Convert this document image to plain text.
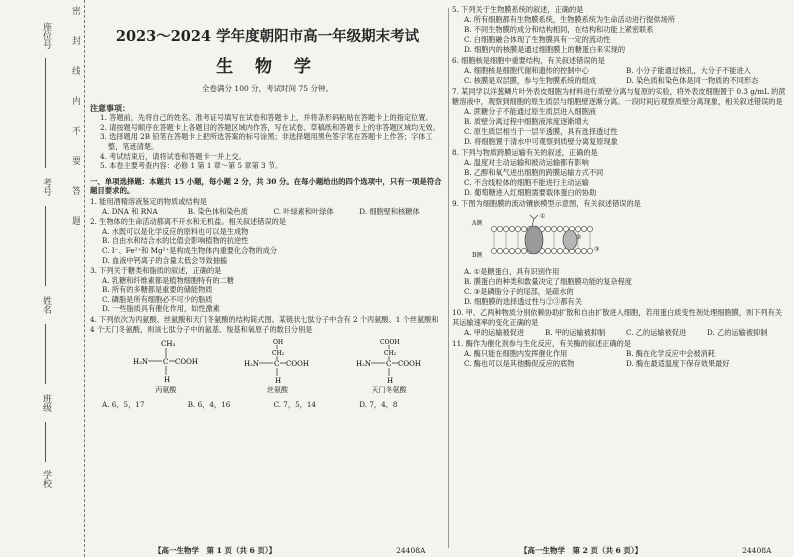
密　　封　　线　　内　　不　　要　　答　　题
座位号
考号
姓名
班级
学校
2023～2024 学年度朝阳市高一年级期末考试
生 物 学
全卷满分 100 分，考试时间 75 分钟。
注意事项：
1. 答题前，先将自己的姓名、准考证号填写在试卷和答题卡上，并将条形码粘贴在答题卡上的指定位置。
2. 请按题号顺序在答题卡上各题目的答题区域内作答，写在试卷、草稿纸和答题卡上的非答题区域均无效。
3. 选择题用 2B 铅笔在答题卡上把所选答案的标号涂黑；非选择题用黑色签字笔在答题卡上作答；字体工整，笔迹清楚。
4. 考试结束后，请将试卷和答题卡一并上交。
5. 本卷主要考查内容：必修 1 第 1 章～第 5 章第 3 节。
一、单项选择题：本题共 15 小题，每小题 2 分，共 30 分。在每小题给出的四个选项中，只有一项是符合题目要求的。
1. 能用酒精溶液鉴定的物质或结构是
A. DNA 和 RNA	B. 染色体和染色质	C. 叶绿素和叶绿体	D. 细胞壁和核糖体
2. 生物体的生命活动都离不开水和无机盐。相关叙述错误的是
A. 水既可以是化学反应的原料也可以是生成物
B. 自由水和结合水的比值会影响植物的抗逆性
C. I⁻、Fe²⁺和 Mg²⁺是构成生物体内重要化合物的成分
D. 血液中钙离子的含量太低会导致抽搐
3. 下列关于糖类和脂质的叙述，正确的是
A. 乳糖和纤维素都是植物细胞特有的二糖
B. 所有的多糖都是重要的储能物质
C. 磷脂是所有细胞必不可少的脂质
D. 一些脂质具有催化作用，如性激素
4. 下列依次为丙氨酸、丝氨酸和天门冬氨酸的结构简式图。某链状七肽分子中含有 2 个丙氨酸、1 个丝氨酸和 4 个天门冬氨酸，则该七肽分子中的氨基、羧基和氧原子的数目分别是
CH₃
H₂N C COOH
H
丙氨酸
OH
CH₂
H₂N C COOH
H
丝氨酸
COOH
CH₂
H₂N C COOH
H
天门冬氨酸
A. 6，5，17	B. 6，4，16	C. 7，5，14	D. 7，4，8
5. 下列关于生物膜系统的叙述，正确的是
A. 所有细胞都有生物膜系统，生物膜系统为生命活动进行提供场所
B. 不同生物膜的成分和结构相同，在结构和功能上紧密联系
C. 白细胞融合体现了生物膜具有一定的流动性
D. 细胞内的核膜是通过细胞膜上的糖蛋白来实现的
6. 细胞核是细胞中重要结构，有关叙述错误的是
A. 细胞核是细胞代谢和遗传的控制中心	B. 小分子能通过核孔，大分子不能进入
C. 核膜是双层膜，参与生物膜系统的组成	D. 染色质和染色体是同一物质的不同形态
7. 某同学以洋葱鳞片叶外表皮细胞为材料进行质壁分离与复原的实验，将外表皮细胞置于 0.3 g/mL 的蔗糖溶液中，观察到细胞的原生质层与细胞壁逐渐分离。一段时间后观察质壁分离现象，相关叙述错误的是
A. 蔗糖分子不能通过原生质层进入细胞液
B. 质壁分离过程中细胞液浓度逐渐增大
C. 原生质层相当于一层半透膜，具有选择透过性
D. 将细胞置于清水中可观察到质壁分离复原现象
8. 下列与物质跨膜运输有关的叙述，正确的是
A. 温度对主动运输和被动运输都有影响
B. 乙醇和氧气进出细胞的跨膜运输方式不同
C. 不含线粒体的细胞不能进行主动运输
D. 葡萄糖进入红细胞需要载体蛋白的协助
9. 下图为细胞膜的流动镶嵌模型示意图，有关叙述错误的是
A侧
B侧
①
②
③
A. ①是糖蛋白，具有识别作用
B. 膜蛋白的种类和数量决定了细胞膜功能的复杂程度
C. ③是磷脂分子的尾部，是疏水的
D. 细胞膜的选择透过性与②③都有关
10. 甲、乙两种物质分别依赖协助扩散和自由扩散进入细胞，若用蛋白质变性剂处理细胞膜，则下列有关其运输速率的变化正确的是
A. 甲的运输被促进	B. 甲的运输被抑制	C. 乙的运输被促进	D. 乙的运输被抑制
11. 酶作为催化剂参与生化反应，有关酶的叙述正确的是
A. 酶只能在细胞内发挥催化作用	B. 酶在化学反应中会被消耗
C. 酶也可以是其他酶促反应的底物	D. 酶在最适温度下保存效果最好
【高一生物学　第 1 页（共 6 页）】	24408A	【高一生物学　第 2 页（共 6 页）】	24408A
